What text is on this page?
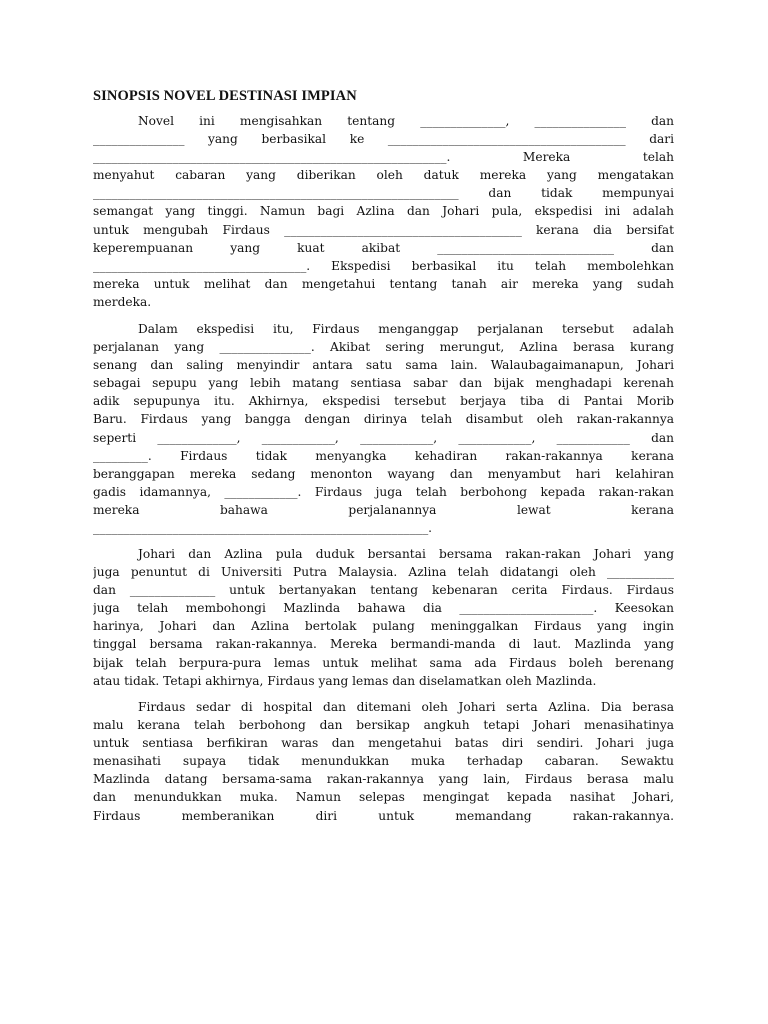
SINOPSIS NOVEL DESTINASI IMPIAN
Novel ini mengisahkan tentang ______________, _______________ dan
_______________ yang berbasikal ke _______________________________________ dari
__________________________________________________________. Mereka telah
menyahut cabaran yang diberikan oleh datuk mereka yang mengatakan
____________________________________________________________ dan tidak mempunyai
semangat yang tinggi. Namun bagi Azlina dan Johari pula, ekspedisi ini adalah
untuk mengubah Firdaus _______________________________________ kerana dia bersifat
keperempuanan yang kuat akibat _____________________________ dan
___________________________________. Ekspedisi berbasikal itu telah membolehkan
mereka untuk melihat dan mengetahui tentang tanah air mereka yang sudah
merdeka.
Dalam ekspedisi itu, Firdaus menganggap perjalanan tersebut adalah
perjalanan yang _______________. Akibat sering merungut, Azlina berasa kurang
senang dan saling menyindir antara satu sama lain. Walaubagaimanapun, Johari
sebagai sepupu yang lebih matang sentiasa sabar dan bijak menghadapi kerenah
adik sepupunya itu. Akhirnya, ekspedisi tersebut berjaya tiba di Pantai Morib
Baru. Firdaus yang bangga dengan dirinya telah disambut oleh rakan-rakannya
seperti _____________, ____________, ____________, ____________, ____________ dan
_________. Firdaus tidak menyangka kehadiran rakan-rakannya kerana
beranggapan mereka sedang menonton wayang dan menyambut hari kelahiran
gadis idamannya, ____________. Firdaus juga telah berbohong kepada rakan-rakan
mereka bahawa perjalanannya lewat kerana
_______________________________________________________.
Johari dan Azlina pula duduk bersantai bersama rakan-rakan Johari yang
juga penuntut di Universiti Putra Malaysia. Azlina telah didatangi oleh ___________
dan ______________ untuk bertanyakan tentang kebenaran cerita Firdaus. Firdaus
juga telah membohongi Mazlinda bahawa dia ______________________. Keesokan
harinya, Johari dan Azlina bertolak pulang meninggalkan Firdaus yang ingin
tinggal bersama rakan-rakannya. Mereka bermandi-manda di laut. Mazlinda yang
bijak telah berpura-pura lemas untuk melihat sama ada Firdaus boleh berenang
atau tidak. Tetapi akhirnya, Firdaus yang lemas dan diselamatkan oleh Mazlinda.
Firdaus sedar di hospital dan ditemani oleh Johari serta Azlina. Dia berasa
malu kerana telah berbohong dan bersikap angkuh tetapi Johari menasihatinya
untuk sentiasa berfikiran waras dan mengetahui batas diri sendiri. Johari juga
menasihati supaya tidak menundukkan muka terhadap cabaran. Sewaktu
Mazlinda datang bersama-sama rakan-rakannya yang lain, Firdaus berasa malu
dan menundukkan muka. Namun selepas mengingat kepada nasihat Johari,
Firdaus memberanikan diri untuk memandang rakan-rakannya.
